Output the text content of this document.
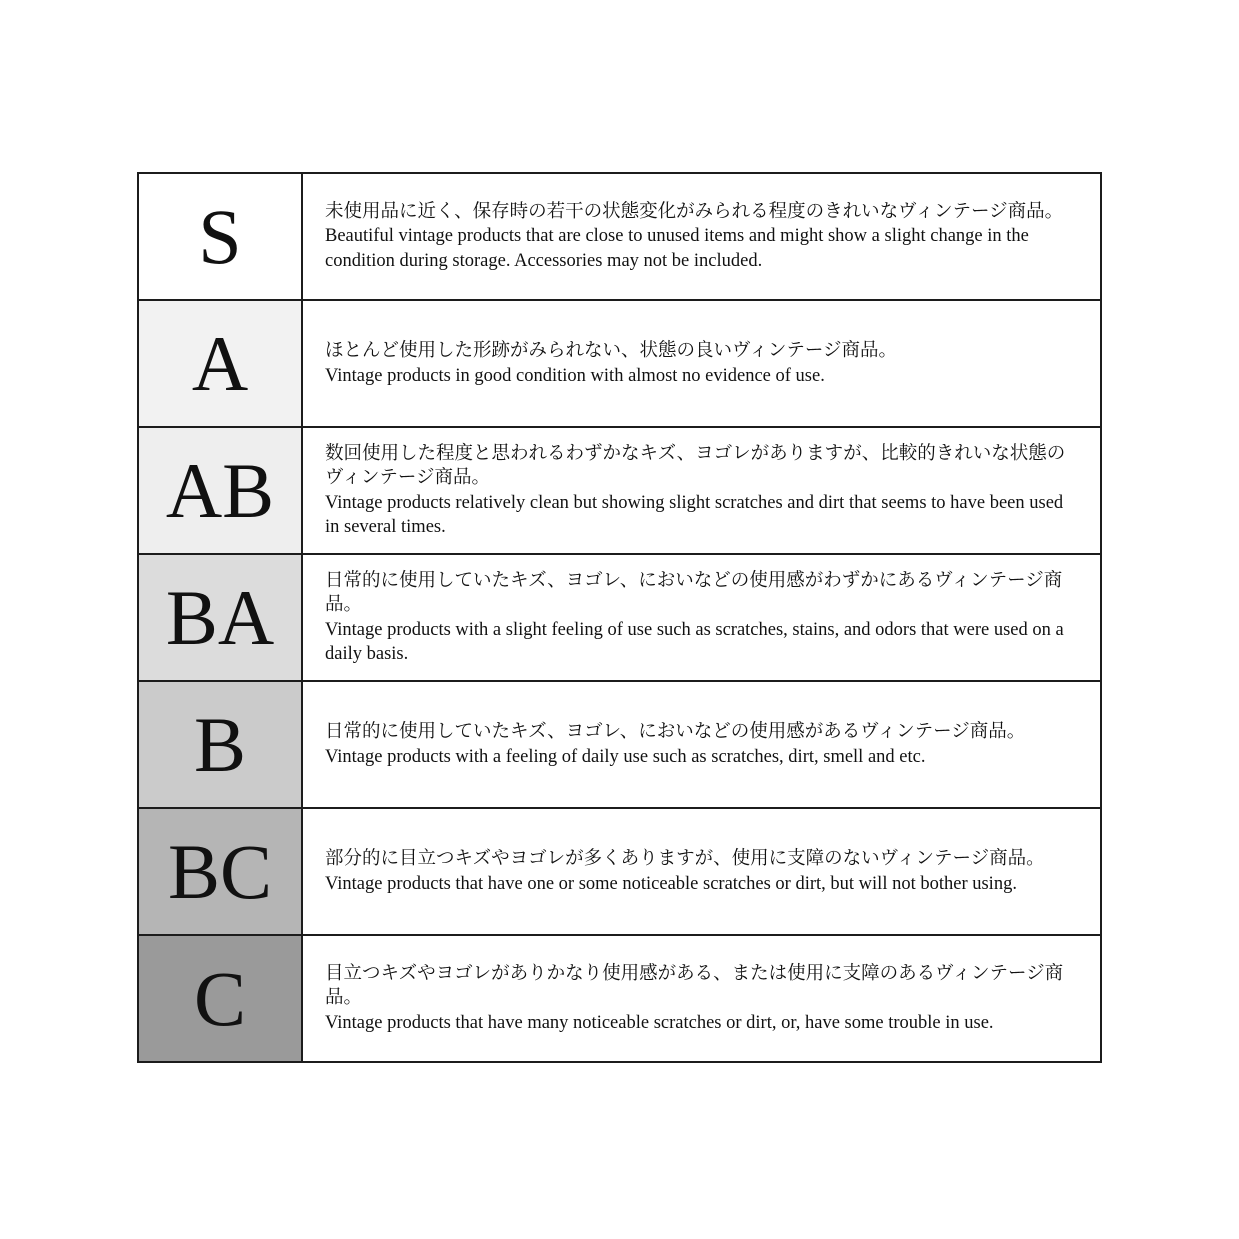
S	未使用品に近く、保存時の若干の状態変化がみられる程度のきれいなヴィンテージ商品。
Beautiful vintage products that are close to unused items and might show a slight change in the condition during storage. Accessories may not be included.
A	ほとんど使用した形跡がみられない、状態の良いヴィンテージ商品。
Vintage products in good condition with almost no evidence of use.
AB	数回使用した程度と思われるわずかなキズ、ヨゴレがありますが、比較的きれいな状態のヴィンテージ商品。
Vintage products relatively clean but showing slight scratches and dirt that seems to have been used in several times.
BA	日常的に使用していたキズ、ヨゴレ、においなどの使用感がわずかにあるヴィンテージ商品。
Vintage products with a slight feeling of use such as scratches, stains, and odors that were used on a daily basis.
B	日常的に使用していたキズ、ヨゴレ、においなどの使用感があるヴィンテージ商品。
Vintage products with a feeling of daily use such as scratches, dirt, smell and etc.
BC	部分的に目立つキズやヨゴレが多くありますが、使用に支障のないヴィンテージ商品。
Vintage products that have one or some noticeable scratches or dirt, but will not bother using.
C	目立つキズやヨゴレがありかなり使用感がある、または使用に支障のあるヴィンテージ商品。
Vintage products that have many noticeable scratches or dirt, or, have some trouble in use.
